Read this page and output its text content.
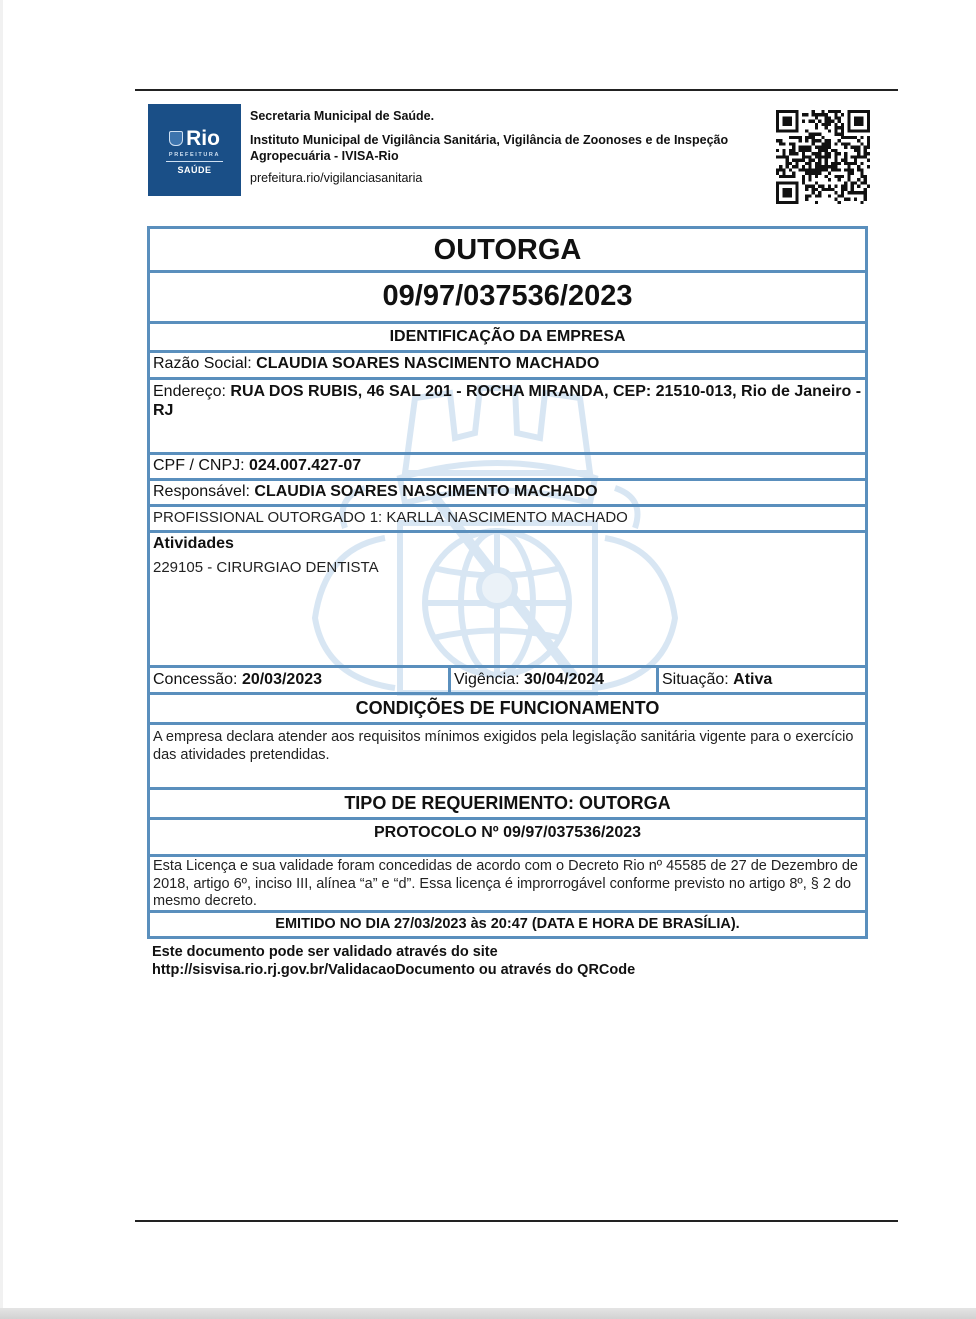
Rio
PREFEITURA
SAÚDE
Secretaria Municipal de Saúde.
Instituto Municipal de Vigilância Sanitária, Vigilância de Zoonoses e de Inspeção Agropecuária - IVISA-Rio
prefeitura.rio/vigilanciasanitaria
OUTORGA
09/97/037536/2023
IDENTIFICAÇÃO DA EMPRESA
Razão Social: CLAUDIA SOARES NASCIMENTO MACHADO
Endereço: RUA DOS RUBIS, 46 SAL 201 - ROCHA MIRANDA, CEP: 21510-013, Rio de Janeiro - RJ
CPF / CNPJ: 024.007.427-07
Responsável: CLAUDIA SOARES NASCIMENTO MACHADO
PROFISSIONAL OUTORGADO 1: KARLLA NASCIMENTO MACHADO
Atividades
229105 - CIRURGIAO DENTISTA
Concessão: 20/03/2023	Vigência: 30/04/2024	Situação: Ativa
CONDIÇÕES DE FUNCIONAMENTO
A empresa declara atender aos requisitos mínimos exigidos pela legislação sanitária vigente para o exercício das atividades pretendidas.
TIPO DE REQUERIMENTO: OUTORGA
PROTOCOLO Nº 09/97/037536/2023
Esta Licença e sua validade foram concedidas de acordo com o Decreto Rio nº 45585 de 27 de Dezembro de 2018, artigo 6º, inciso III, alínea “a” e “d”. Essa licença é improrrogável conforme previsto no artigo 8º, § 2 do mesmo decreto.
EMITIDO NO DIA 27/03/2023 às 20:47 (DATA E HORA DE BRASÍLIA).
Este documento pode ser validado através do site
http://sisvisa.rio.rj.gov.br/ValidacaoDocumento ou através do QRCode
